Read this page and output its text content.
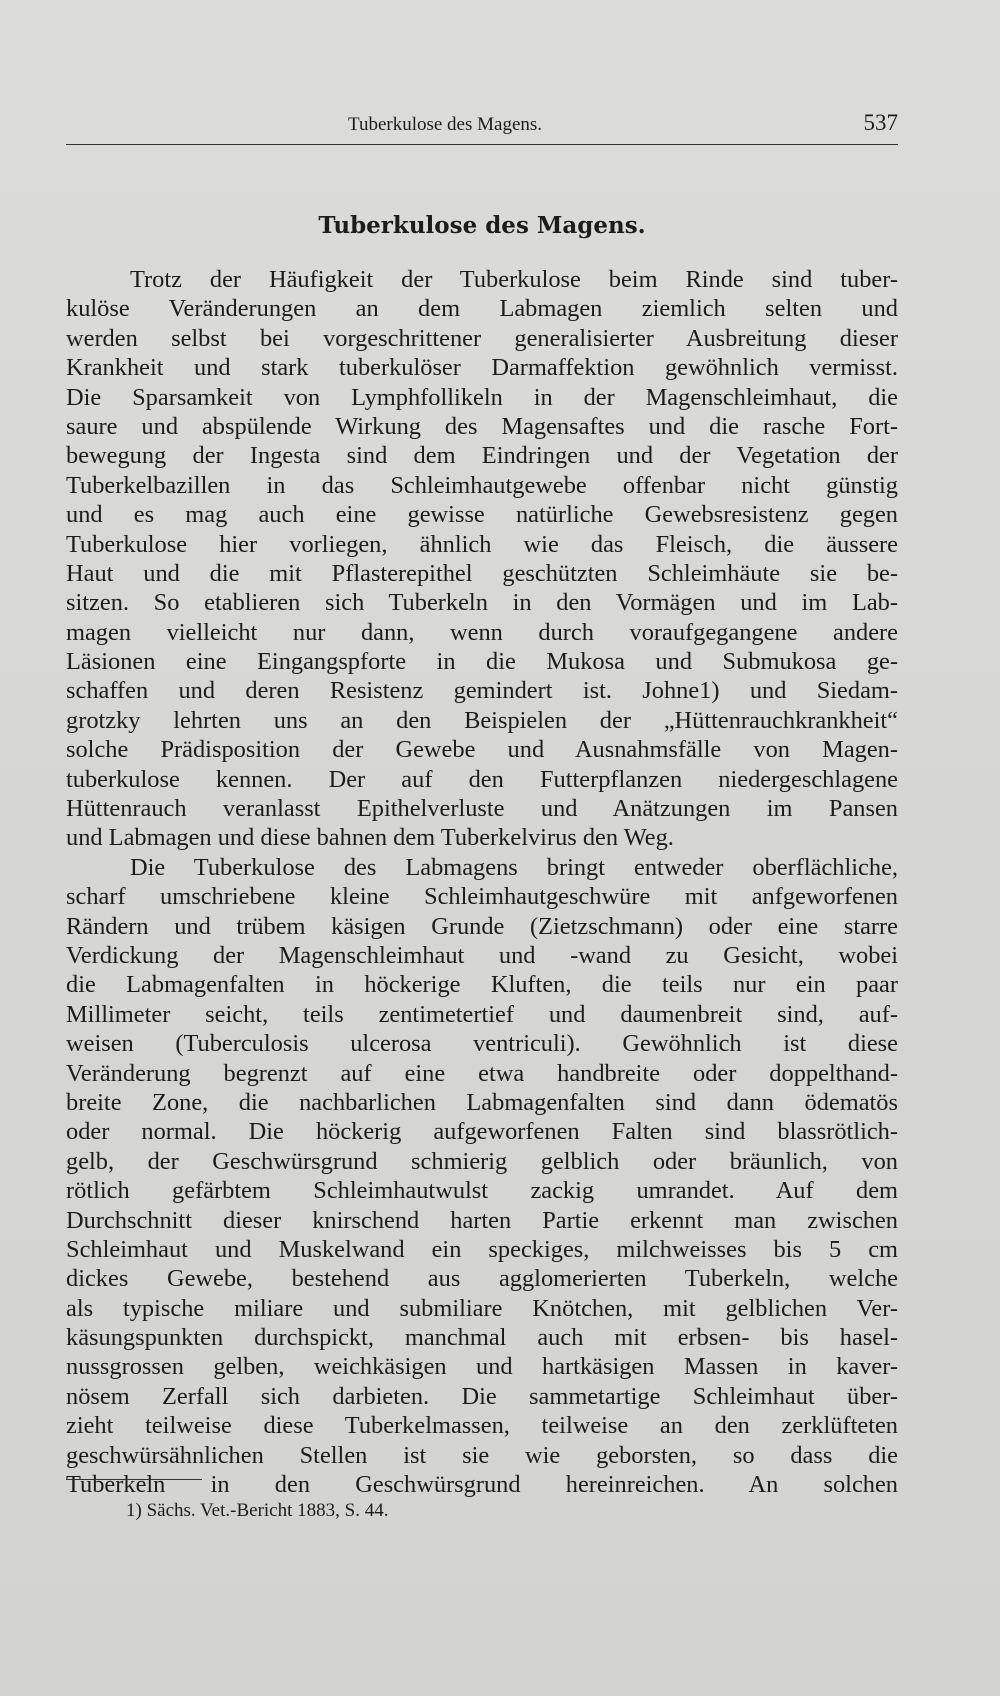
Tuberkulose des Magens.	537
Tuberkulose des Magens.
Trotz der Häufigkeit der Tuberkulose beim Rinde sind tuber-
kulöse Veränderungen an dem Labmagen ziemlich selten und
werden selbst bei vorgeschrittener generalisierter Ausbreitung dieser
Krankheit und stark tuberkulöser Darmaffektion gewöhnlich vermisst.
Die Sparsamkeit von Lymphfollikeln in der Magenschleimhaut, die
saure und abspülende Wirkung des Magensaftes und die rasche Fort-
bewegung der Ingesta sind dem Eindringen und der Vegetation der
Tuberkelbazillen in das Schleimhautgewebe offenbar nicht günstig
und es mag auch eine gewisse natürliche Gewebsresistenz gegen
Tuberkulose hier vorliegen, ähnlich wie das Fleisch, die äussere
Haut und die mit Pflasterepithel geschützten Schleimhäute sie be-
sitzen. So etablieren sich Tuberkeln in den Vormägen und im Lab-
magen vielleicht nur dann, wenn durch voraufgegangene andere
Läsionen eine Eingangspforte in die Mukosa und Submukosa ge-
schaffen und deren Resistenz gemindert ist. Johne1) und Siedam-
grotzky lehrten uns an den Beispielen der „Hüttenrauchkrankheit“
solche Prädisposition der Gewebe und Ausnahmsfälle von Magen-
tuberkulose kennen. Der auf den Futterpflanzen niedergeschlagene
Hüttenrauch veranlasst Epithelverluste und Anätzungen im Pansen
und Labmagen und diese bahnen dem Tuberkelvirus den Weg.
Die Tuberkulose des Labmagens bringt entweder oberflächliche,
scharf umschriebene kleine Schleimhautgeschwüre mit anfgeworfenen
Rändern und trübem käsigen Grunde (Zietzschmann) oder eine starre
Verdickung der Magenschleimhaut und -wand zu Gesicht, wobei
die Labmagenfalten in höckerige Kluften, die teils nur ein paar
Millimeter seicht, teils zentimetertief und daumenbreit sind, auf-
weisen (Tuberculosis ulcerosa ventriculi). Gewöhnlich ist diese
Veränderung begrenzt auf eine etwa handbreite oder doppelthand-
breite Zone, die nachbarlichen Labmagenfalten sind dann ödematös
oder normal. Die höckerig aufgeworfenen Falten sind blassrötlich-
gelb, der Geschwürsgrund schmierig gelblich oder bräunlich, von
rötlich gefärbtem Schleimhautwulst zackig umrandet. Auf dem
Durchschnitt dieser knirschend harten Partie erkennt man zwischen
Schleimhaut und Muskelwand ein speckiges, milchweisses bis 5 cm
dickes Gewebe, bestehend aus agglomerierten Tuberkeln, welche
als typische miliare und submiliare Knötchen, mit gelblichen Ver-
käsungspunkten durchspickt, manchmal auch mit erbsen- bis hasel-
nussgrossen gelben, weichkäsigen und hartkäsigen Massen in kaver-
nösem Zerfall sich darbieten. Die sammetartige Schleimhaut über-
zieht teilweise diese Tuberkelmassen, teilweise an den zerklüfteten
geschwürsähnlichen Stellen ist sie wie geborsten, so dass die
Tuberkeln in den Geschwürsgrund hereinreichen. An solchen
1) Sächs. Vet.-Bericht 1883, S. 44.
